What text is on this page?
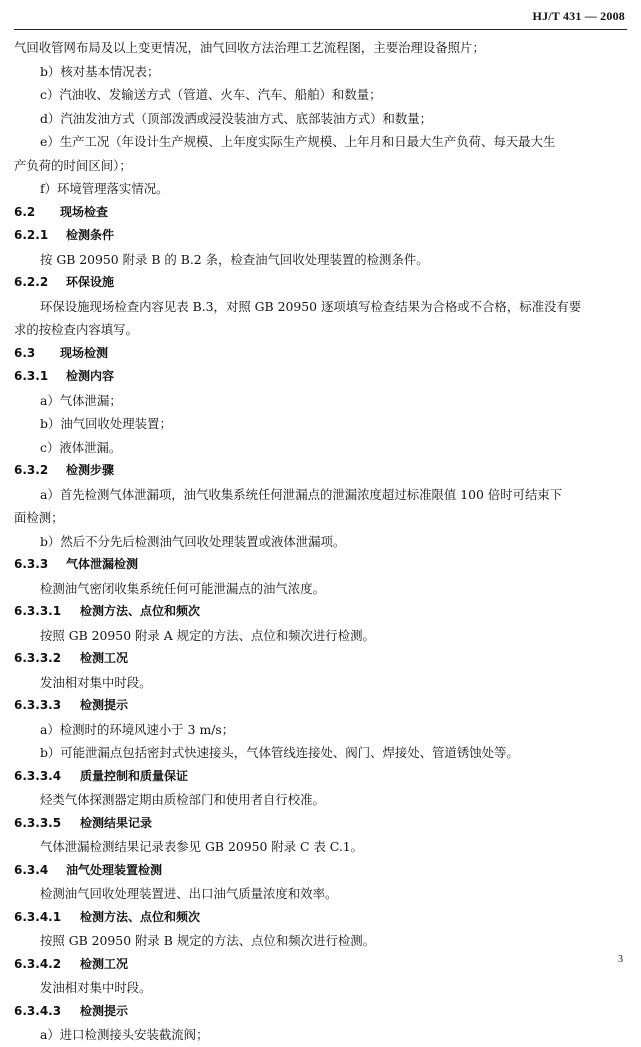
HJ/T 431 — 2008
气回收管网布局及以上变更情况，油气回收方法治理工艺流程图，主要治理设备照片；
b）核对基本情况表；
c）汽油收、发输送方式（管道、火车、汽车、船舶）和数量；
d）汽油发油方式（顶部泼洒或浸没装油方式、底部装油方式）和数量；
e）生产工况（年设计生产规模、上年度实际生产规模、上年月和日最大生产负荷、每天最大生
产负荷的时间区间）；
f）环境管理落实情况。
6.2 现场检查
6.2.1 检测条件
按 GB 20950 附录 B 的 B.2 条，检查油气回收处理装置的检测条件。
6.2.2 环保设施
环保设施现场检查内容见表 B.3，对照 GB 20950 逐项填写检查结果为合格或不合格，标准没有要
求的按检查内容填写。
6.3 现场检测
6.3.1 检测内容
a）气体泄漏；
b）油气回收处理装置；
c）液体泄漏。
6.3.2 检测步骤
a）首先检测气体泄漏项，油气收集系统任何泄漏点的泄漏浓度超过标准限值 100 倍时可结束下
面检测；
b）然后不分先后检测油气回收处理装置或液体泄漏项。
6.3.3 气体泄漏检测
检测油气密闭收集系统任何可能泄漏点的油气浓度。
6.3.3.1 检测方法、点位和频次
按照 GB 20950 附录 A 规定的方法、点位和频次进行检测。
6.3.3.2 检测工况
发油相对集中时段。
6.3.3.3 检测提示
a）检测时的环境风速小于 3 m/s；
b）可能泄漏点包括密封式快速接头，气体管线连接处、阀门、焊接处、管道锈蚀处等。
6.3.3.4 质量控制和质量保证
烃类气体探测器定期由质检部门和使用者自行校准。
6.3.3.5 检测结果记录
气体泄漏检测结果记录表参见 GB 20950 附录 C 表 C.1。
6.3.4 油气处理装置检测
检测油气回收处理装置进、出口油气质量浓度和效率。
6.3.4.1 检测方法、点位和频次
按照 GB 20950 附录 B 规定的方法、点位和频次进行检测。
6.3.4.2 检测工况
发油相对集中时段。
6.3.4.3 检测提示
a）进口检测接头安装截流阀；
3
